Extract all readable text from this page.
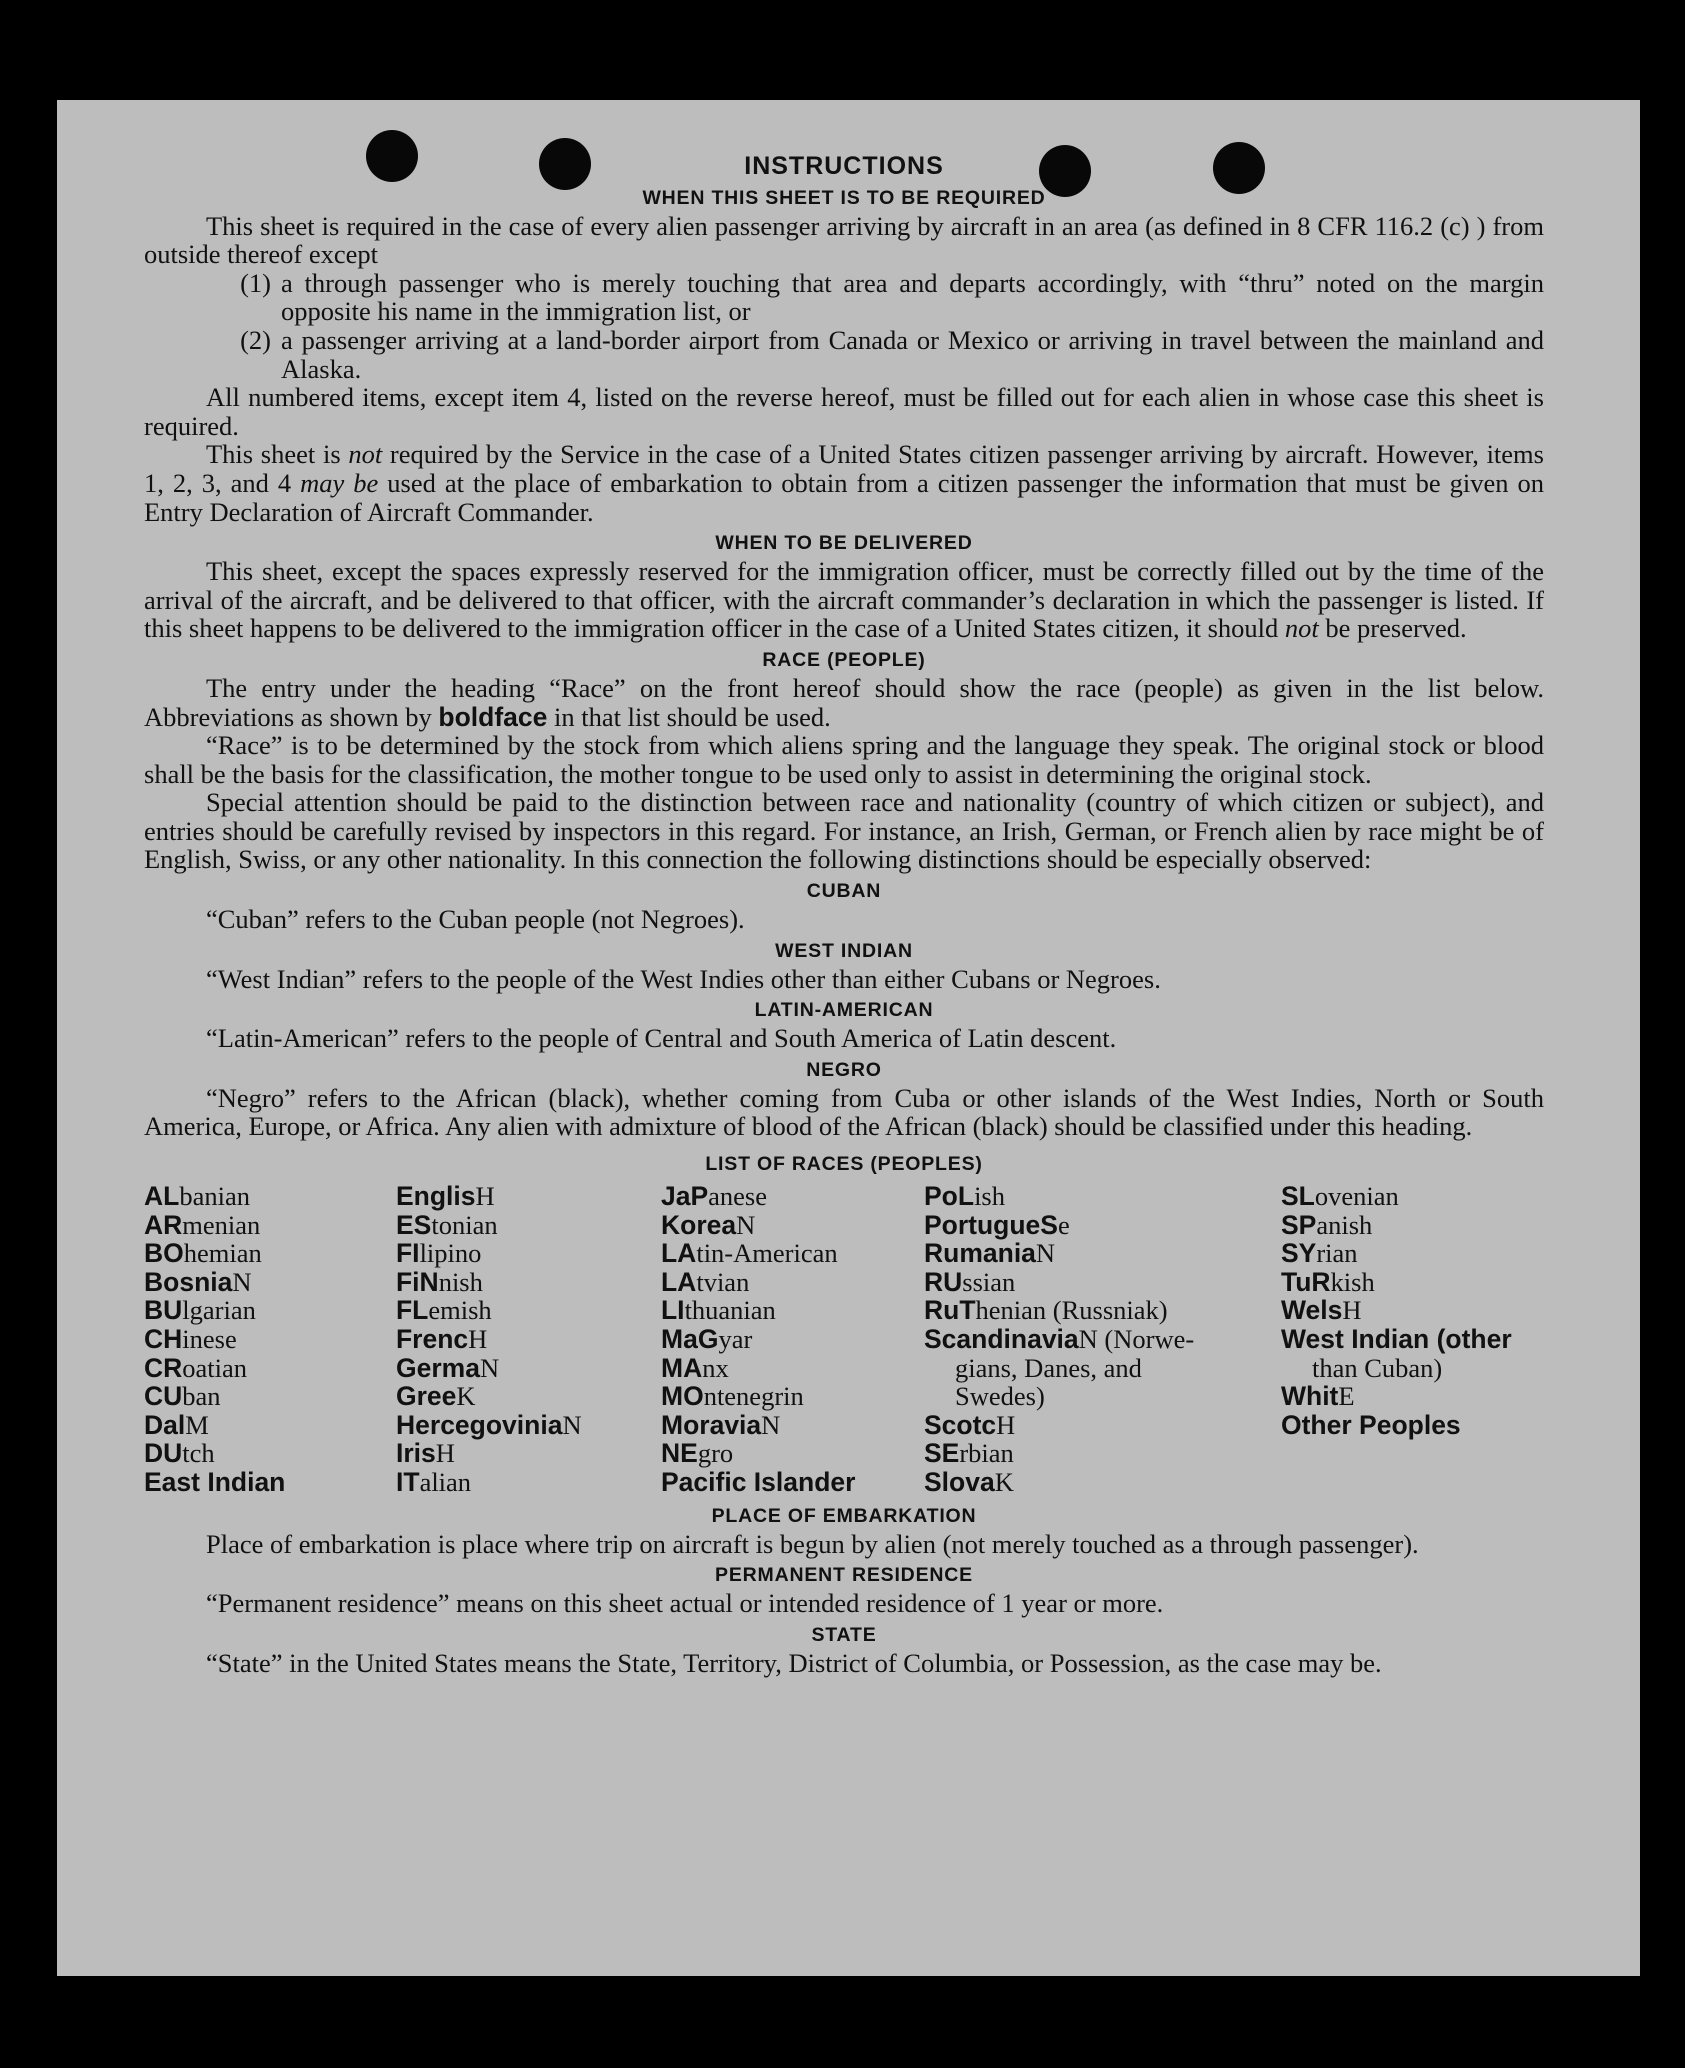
INSTRUCTIONS
WHEN THIS SHEET IS TO BE REQUIRED

This sheet is required in the case of every alien passenger arriving by aircraft in an area (as defined in 8 CFR 116.2 (c) ) from outside thereof except

(1) a through passenger who is merely touching that area and departs accordingly, with “thru” noted on the margin opposite his name in the immigration list, or
(2) a passenger arriving at a land-border airport from Canada or Mexico or arriving in travel between the mainland and Alaska.

All numbered items, except item 4, listed on the reverse hereof, must be filled out for each alien in whose case this sheet is required.

This sheet is not required by the Service in the case of a United States citizen passenger arriving by aircraft. However, items 1, 2, 3, and 4 may be used at the place of embarkation to obtain from a citizen passenger the information that must be given on Entry Declaration of Aircraft Commander.

WHEN TO BE DELIVERED

This sheet, except the spaces expressly reserved for the immigration officer, must be correctly filled out by the time of the arrival of the aircraft, and be delivered to that officer, with the aircraft commander’s declaration in which the passenger is listed. If this sheet happens to be delivered to the immigration officer in the case of a United States citizen, it should not be preserved.

RACE (PEOPLE)

The entry under the heading “Race” on the front hereof should show the race (people) as given in the list below. Abbreviations as shown by boldface in that list should be used.

“Race” is to be determined by the stock from which aliens spring and the language they speak. The original stock or blood shall be the basis for the classification, the mother tongue to be used only to assist in determining the original stock.

Special attention should be paid to the distinction between race and nationality (country of which citizen or subject), and entries should be carefully revised by inspectors in this regard. For instance, an Irish, German, or French alien by race might be of English, Swiss, or any other nationality. In this connection the following distinctions should be especially observed:

CUBAN

“Cuban” refers to the Cuban people (not Negroes).

WEST INDIAN

“West Indian” refers to the people of the West Indies other than either Cubans or Negroes.

LATIN-AMERICAN

“Latin-American” refers to the people of Central and South America of Latin descent.

NEGRO

“Negro” refers to the African (black), whether coming from Cuba or other islands of the West Indies, North or South America, Europe, or Africa. Any alien with admixture of blood of the African (black) should be classified under this heading.

LIST OF RACES (PEOPLES)
ALbanian
ARmenian
BOhemian
BosniaN
BUlgarian
CHinese
CRoatian
CUban
DalM
DUtch
East Indian
EnglisH
EStonian
FIlipino
FiNnish
FLemish
FrencH
GermaN
GreeK
HercegoviniaN
IrisH
ITalian
JaPanese
KoreaN
LAtin-American
LAtvian
LIthuanian
MaGyar
MAnx
MOntenegrin
MoraviaN
NEgro
Pacific Islander
PoLish
PortugueSe
RumaniaN
RUssian
RuThenian (Russniak)
ScandinaviaN (Norwe-
gians, Danes, and
Swedes)
ScotcH
SErbian
SlovaK
SLovenian
SPanish
SYrian
TuRkish
WelsH
West Indian (other
than Cuban)
WhitE
Other Peoples
PLACE OF EMBARKATION

Place of embarkation is place where trip on aircraft is begun by alien (not merely touched as a through passenger).

PERMANENT RESIDENCE

“Permanent residence” means on this sheet actual or intended residence of 1 year or more.

STATE

“State” in the United States means the State, Territory, District of Columbia, or Possession, as the case may be.
